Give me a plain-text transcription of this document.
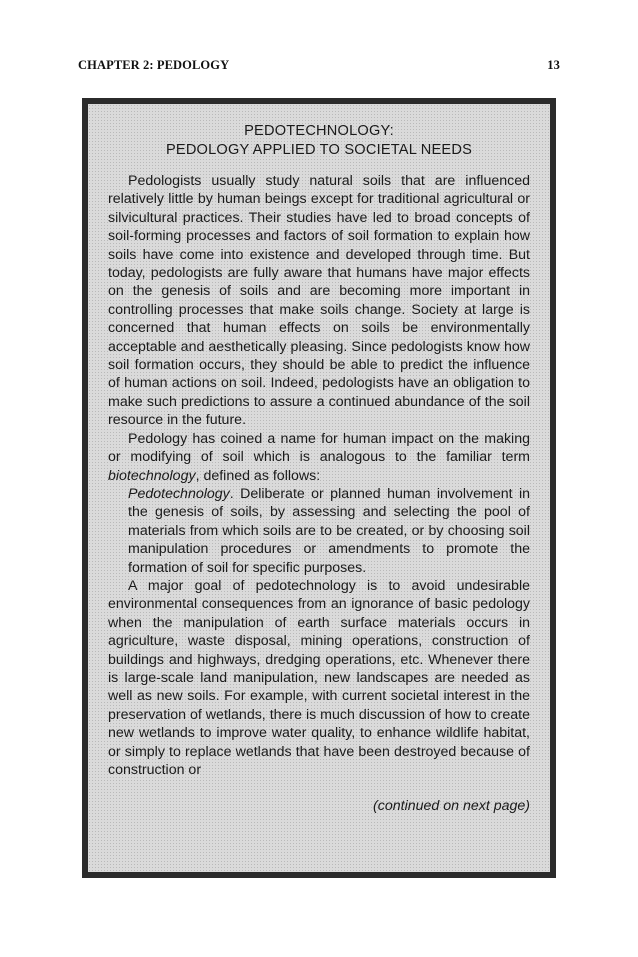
CHAPTER 2: PEDOLOGY	13
PEDOTECHNOLOGY:
PEDOLOGY APPLIED TO SOCIETAL NEEDS

Pedologists usually study natural soils that are influenced relatively little by human beings except for traditional agricultural or silvicultural practices. Their studies have led to broad concepts of soil-forming processes and factors of soil formation to explain how soils have come into existence and developed through time. But today, pedologists are fully aware that humans have major effects on the genesis of soils and are becoming more important in controlling processes that make soils change. Society at large is concerned that human effects on soils be environmentally acceptable and aesthetically pleasing. Since pedologists know how soil formation occurs, they should be able to predict the influence of human actions on soil. Indeed, pedologists have an obligation to make such predictions to assure a continued abundance of the soil resource in the future.

Pedology has coined a name for human impact on the making or modifying of soil which is analogous to the familiar term biotechnology, defined as follows:

Pedotechnology. Deliberate or planned human involvement in the genesis of soils, by assessing and selecting the pool of materials from which soils are to be created, or by choosing soil manipulation procedures or amendments to promote the formation of soil for specific purposes.

A major goal of pedotechnology is to avoid undesirable environmental consequences from an ignorance of basic pedology when the manipulation of earth surface materials occurs in agriculture, waste disposal, mining operations, construction of buildings and highways, dredging operations, etc. Whenever there is large-scale land manipulation, new landscapes are needed as well as new soils. For example, with current societal interest in the preservation of wetlands, there is much discussion of how to create new wetlands to improve water quality, to enhance wildlife habitat, or simply to replace wetlands that have been destroyed because of construction or

(continued on next page)
